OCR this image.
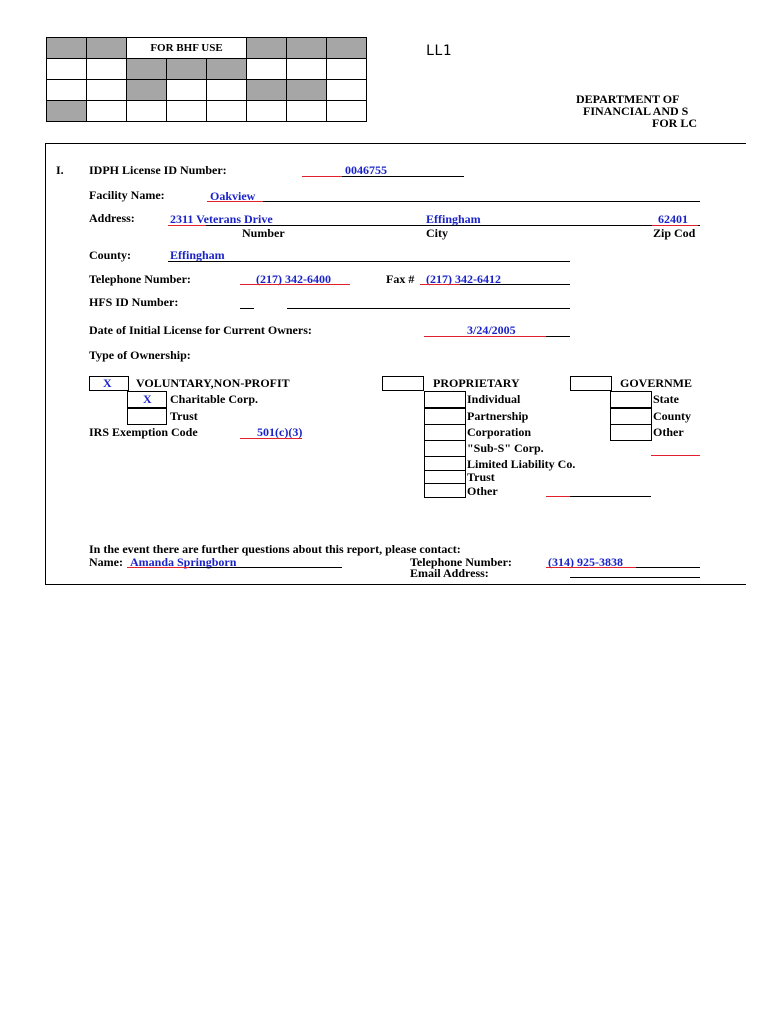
		FOR BHF USE					

								LL1
DEPARTMENT OF
FINANCIAL AND S
FOR LC
I. IDPH License ID Number:	0046755
Facility Name:	Oakview
Address:	2311 Veterans Drive	Effingham	62401
Number	City	Zip Cod
County:	Effingham
Telephone Number:	(217) 342-6400	Fax # (217) 342-6412
HFS ID Number:
Date of Initial License for Current Owners:	3/24/2005
Type of Ownership:
X VOLUNTARY,NON-PROFIT
X Charitable Corp.
Trust
IRS Exemption Code	501(c)(3)
PROPRIETARY
Individual
Partnership
Corporation
"Sub-S" Corp.
Limited Liability Co.
Trust
Other
GOVERNME
State
County
Other
In the event there are further questions about this report, please contact:
Name: Amanda Springborn	Telephone Number:	(314) 925-3838
Email Address:
